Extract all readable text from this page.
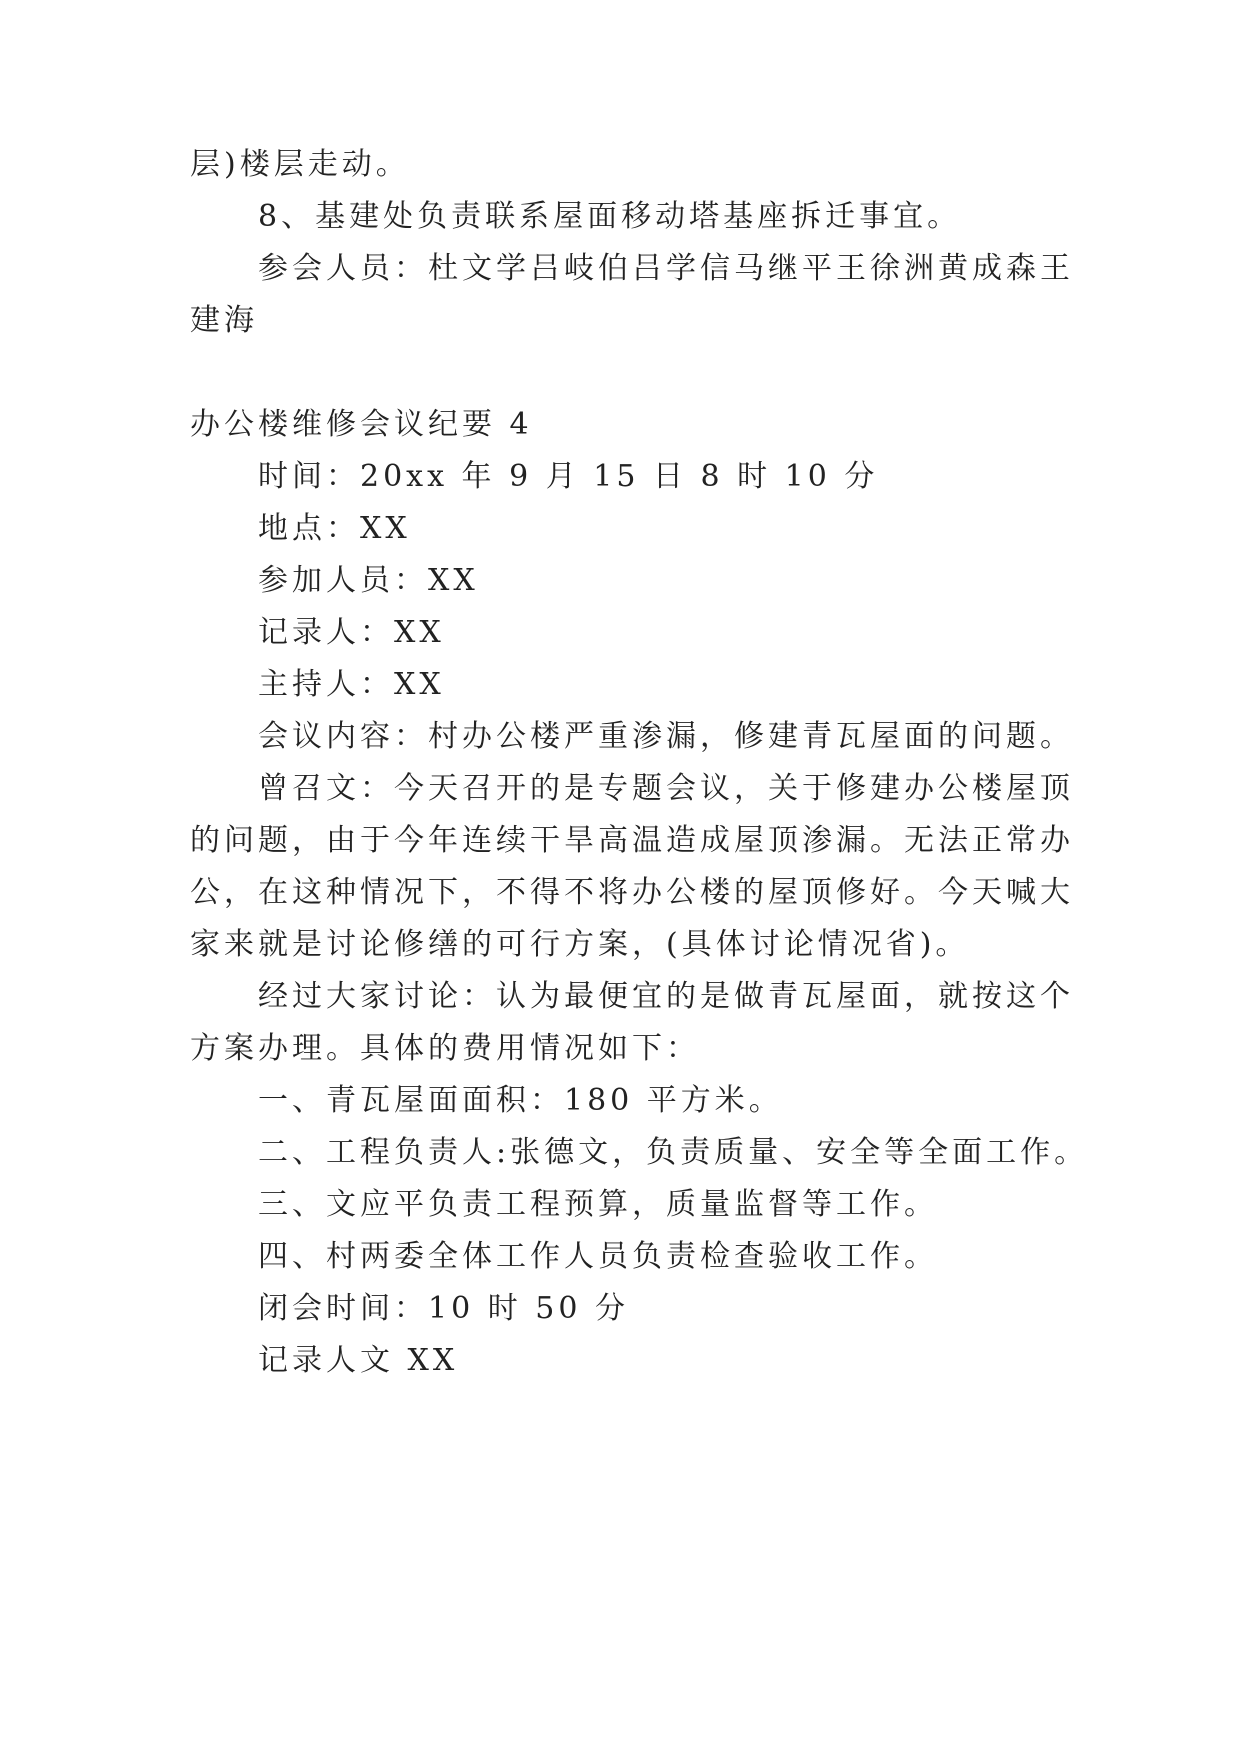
层)楼层走动。
8、基建处负责联系屋面移动塔基座拆迁事宜。
参会人员：杜文学吕岐伯吕学信马继平王徐洲黄成森王
建海
办公楼维修会议纪要 4
时间：20xx 年 9 月 15 日 8 时 10 分
地点：XX
参加人员：XX
记录人：XX
主持人：XX
会议内容：村办公楼严重渗漏，修建青瓦屋面的问题。
曾召文：今天召开的是专题会议，关于修建办公楼屋顶
的问题，由于今年连续干旱高温造成屋顶渗漏。无法正常办
公，在这种情况下，不得不将办公楼的屋顶修好。今天喊大
家来就是讨论修缮的可行方案，(具体讨论情况省)。
经过大家讨论：认为最便宜的是做青瓦屋面，就按这个
方案办理。具体的费用情况如下：
一、青瓦屋面面积：180 平方米。
二、工程负责人:张德文，负责质量、安全等全面工作。
三、文应平负责工程预算，质量监督等工作。
四、村两委全体工作人员负责检查验收工作。
闭会时间：10 时 50 分
记录人文 XX
